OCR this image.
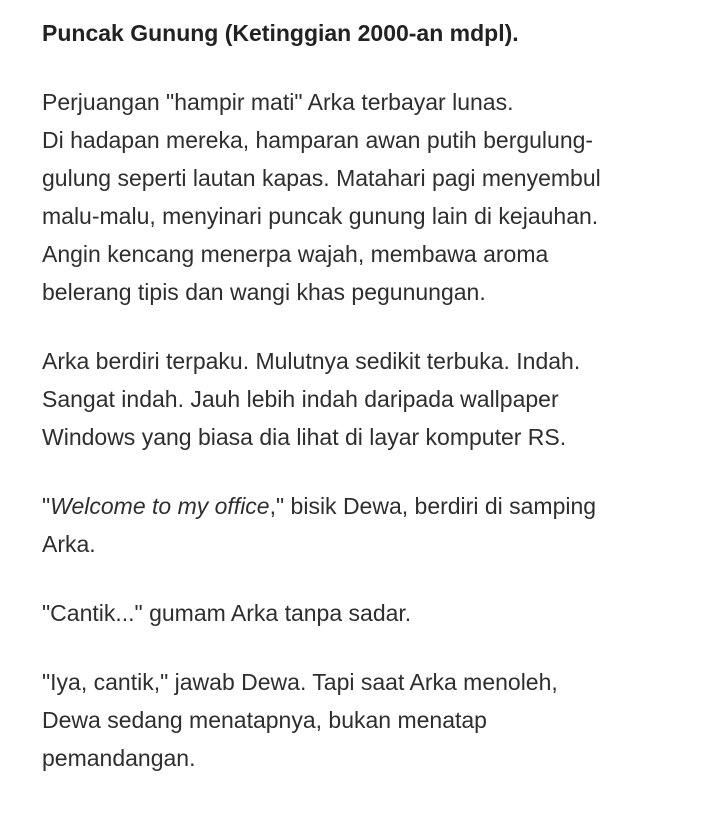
Puncak Gunung (Ketinggian 2000-an mdpl).
Perjuangan "hampir mati" Arka terbayar lunas.
Di hadapan mereka, hamparan awan putih bergulung-
gulung seperti lautan kapas. Matahari pagi menyembul
malu-malu, menyinari puncak gunung lain di kejauhan.
Angin kencang menerpa wajah, membawa aroma
belerang tipis dan wangi khas pegunungan.
Arka berdiri terpaku. Mulutnya sedikit terbuka. Indah.
Sangat indah. Jauh lebih indah daripada wallpaper
Windows yang biasa dia lihat di layar komputer RS.
"Welcome to my office," bisik Dewa, berdiri di samping
Arka.
"Cantik..." gumam Arka tanpa sadar.
"Iya, cantik," jawab Dewa. Tapi saat Arka menoleh,
Dewa sedang menatapnya, bukan menatap
pemandangan.
